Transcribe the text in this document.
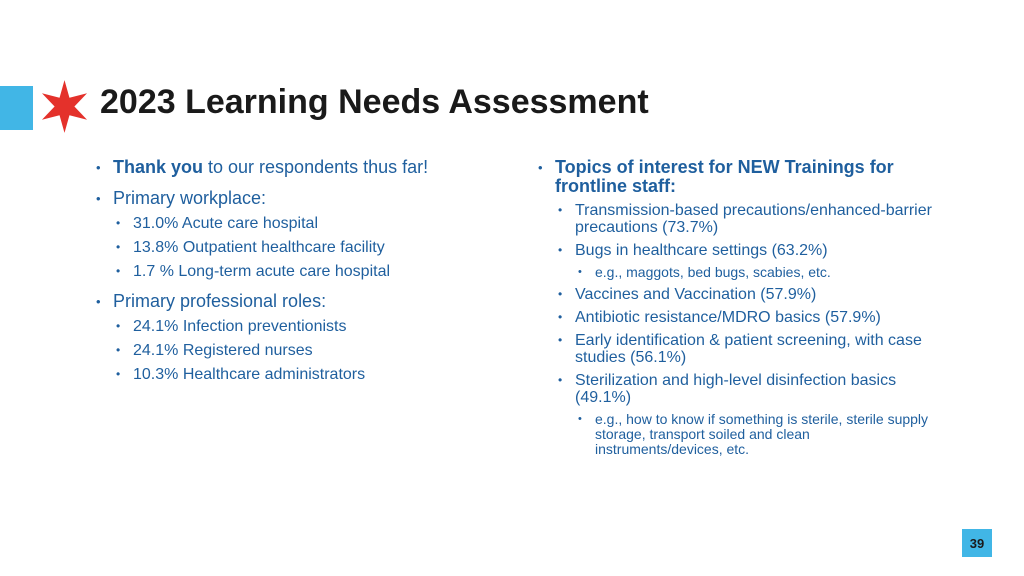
2023 Learning Needs Assessment
• Thank you to our respondents thus far!
• Primary workplace:
• 31.0% Acute care hospital
• 13.8% Outpatient healthcare facility
• 1.7 % Long-term acute care hospital
• Primary professional roles:
• 24.1% Infection preventionists
• 24.1% Registered nurses
• 10.3% Healthcare administrators
• Topics of interest for NEW Trainings for frontline staff:
• Transmission-based precautions/enhanced-barrier precautions (73.7%)
• Bugs in healthcare settings (63.2%)
• e.g., maggots, bed bugs, scabies, etc.
• Vaccines and Vaccination (57.9%)
• Antibiotic resistance/MDRO basics (57.9%)
• Early identification & patient screening, with case studies (56.1%)
• Sterilization and high-level disinfection basics (49.1%)
• e.g., how to know if something is sterile, sterile supply storage, transport soiled and clean instruments/devices, etc.
39
